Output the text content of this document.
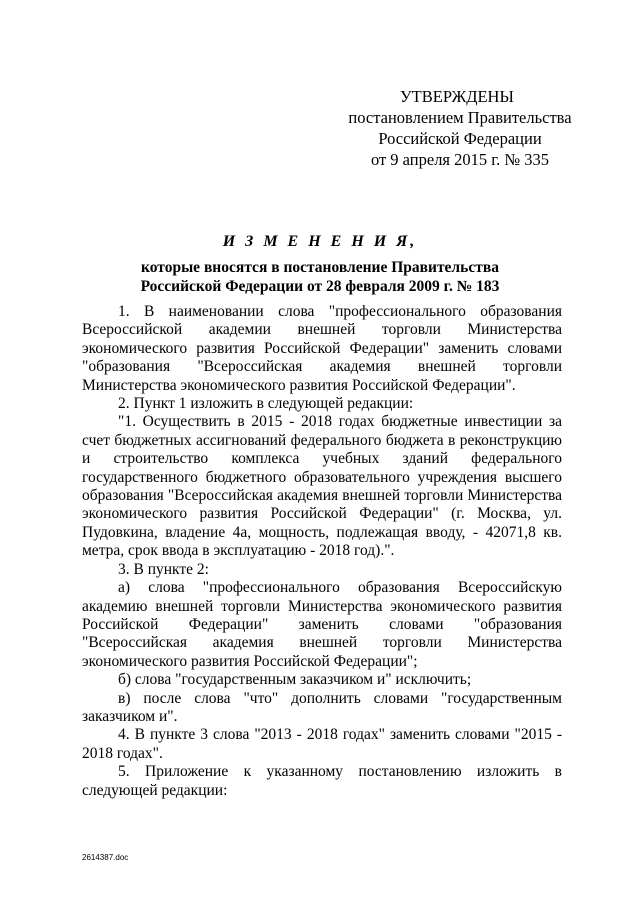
УТВЕРЖДЕНЫ
постановлением Правительства
Российской Федерации
от 9 апреля 2015 г. № 335
И З М Е Н Е Н И Я,
которые вносятся в постановление Правительства
Российской Федерации от 28 февраля 2009 г. № 183

1. В наименовании слова "профессионального образования Всероссийской академии внешней торговли Министерства экономического развития Российской Федерации" заменить словами "образования "Всероссийская академия внешней торговли Министерства экономического развития Российской Федерации".

2. Пункт 1 изложить в следующей редакции:

"1. Осуществить в 2015 - 2018 годах бюджетные инвестиции за счет бюджетных ассигнований федерального бюджета в реконструкцию и строительство комплекса учебных зданий федерального государственного бюджетного образовательного учреждения высшего образования "Всероссийская академия внешней торговли Министерства экономического развития Российской Федерации" (г. Москва, ул. Пудовкина, владение 4а, мощность, подлежащая вводу, - 42071,8 кв. метра, срок ввода в эксплуатацию - 2018 год).".

3. В пункте 2:

а) слова "профессионального образования Всероссийскую академию внешней торговли Министерства экономического развития Российской Федерации" заменить словами "образования "Всероссийская академия внешней торговли Министерства экономического развития Российской Федерации";

б) слова "государственным заказчиком и" исключить;

в) после слова "что" дополнить словами "государственным заказчиком и".

4. В пункте 3 слова "2013 - 2018 годах" заменить словами "2015 - 2018 годах".

5. Приложение к указанному постановлению изложить в следующей редакции:

2614387.doc
